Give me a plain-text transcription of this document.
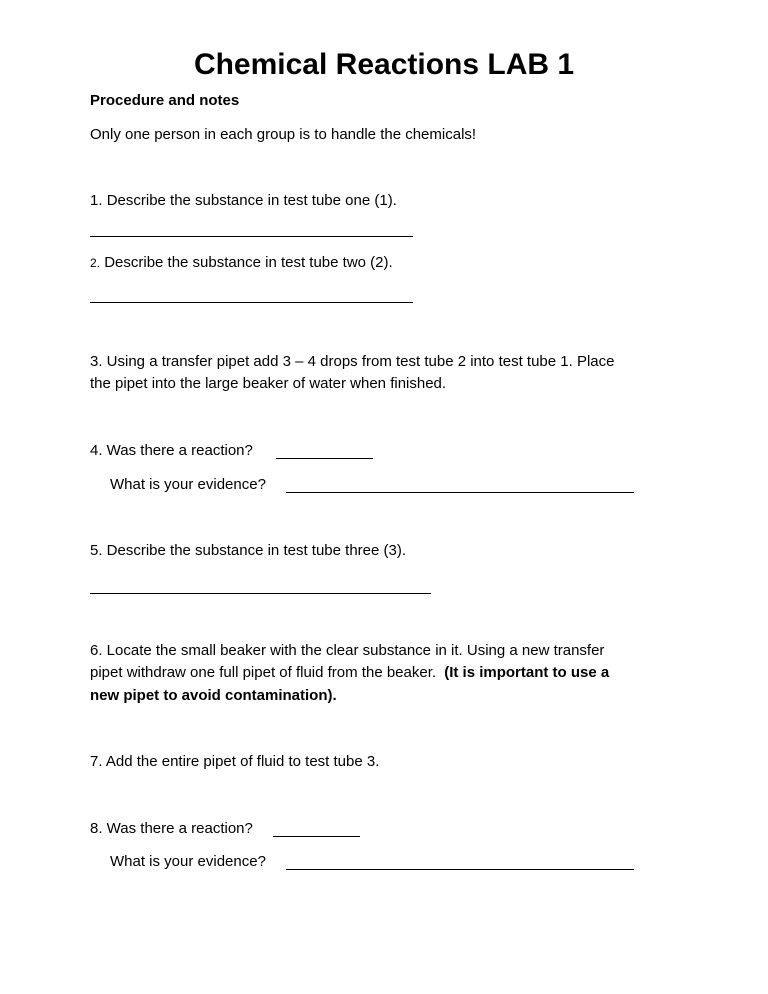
Chemical Reactions LAB 1
Procedure and notes
Only one person in each group is to handle the chemicals!
1. Describe the substance in test tube one (1).
2. Describe the substance in test tube two (2).
3. Using a transfer pipet add 3 – 4 drops from test tube 2 into test tube 1. Place
the pipet into the large beaker of water when finished.
4. Was there a reaction?
What is your evidence?
5. Describe the substance in test tube three (3).
6. Locate the small beaker with the clear substance in it. Using a new transfer
pipet withdraw one full pipet of fluid from the beaker. (It is important to use a
new pipet to avoid contamination).
7. Add the entire pipet of fluid to test tube 3.
8. Was there a reaction?
What is your evidence?
